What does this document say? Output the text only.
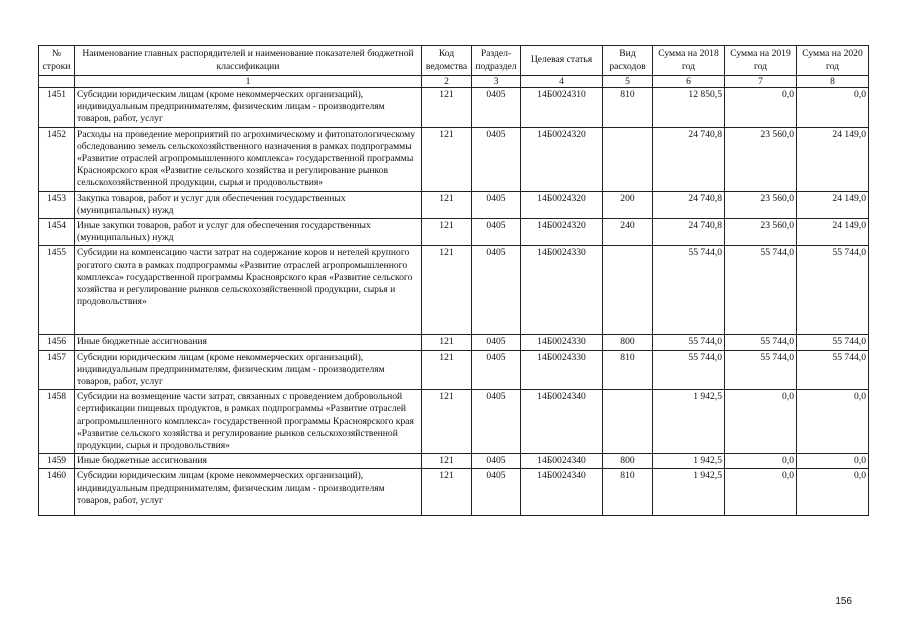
№ строки	Наименование главных распорядителей и наименование показателей бюджетной классификации	Код ведомства	Раздел-подраздел	Целевая статья	Вид расходов	Сумма на 2018 год	Сумма на 2019 год	Сумма на 2020 год
	1	2	3	4	5	6	7	8
1451	Субсидии юридическим лицам (кроме некоммерческих организаций), индивидуальным предпринимателям, физическим лицам - производителям товаров, работ, услуг	121	0405	14Б0024310	810	12 850,5	0,0	0,0
1452	Расходы на проведение мероприятий по агрохимическому и фитопатологическому обследованию земель сельскохозяйственного назначения в рамках подпрограммы «Развитие отраслей агропромышленного комплекса» государственной программы Красноярского края «Развитие сельского хозяйства и регулирование рынков сельскохозяйственной продукции, сырья и продовольствия»	121	0405	14Б0024320		24 740,8	23 560,0	24 149,0
1453	Закупка товаров, работ и услуг для обеспечения государственных (муниципальных) нужд	121	0405	14Б0024320	200	24 740,8	23 560,0	24 149,0
1454	Иные закупки товаров, работ и услуг для обеспечения государственных (муниципальных) нужд	121	0405	14Б0024320	240	24 740,8	23 560,0	24 149,0
1455	Субсидии на компенсацию части затрат на содержание коров и нетелей крупного рогатого скота в рамках подпрограммы «Развитие отраслей агропромышленного комплекса» государственной программы Красноярского края «Развитие сельского хозяйства и регулирование рынков сельскохозяйственной продукции, сырья и продовольствия»	121	0405	14Б0024330		55 744,0	55 744,0	55 744,0
1456	Иные бюджетные ассигнования	121	0405	14Б0024330	800	55 744,0	55 744,0	55 744,0
1457	Субсидии юридическим лицам (кроме некоммерческих организаций), индивидуальным предпринимателям, физическим лицам - производителям товаров, работ, услуг	121	0405	14Б0024330	810	55 744,0	55 744,0	55 744,0
1458	Субсидии на возмещение части затрат, связанных с проведением добровольной сертификации пищевых продуктов, в рамках подпрограммы «Развитие отраслей агропромышленного комплекса» государственной программы Красноярского края «Развитие сельского хозяйства и регулирование рынков сельскохозяйственной продукции, сырья и продовольствия»	121	0405	14Б0024340		1 942,5	0,0	0,0
1459	Иные бюджетные ассигнования	121	0405	14Б0024340	800	1 942,5	0,0	0,0
1460	Субсидии юридическим лицам (кроме некоммерческих организаций), индивидуальным предпринимателям, физическим лицам - производителям товаров, работ, услуг	121	0405	14Б0024340	810	1 942,5	0,0	0,0
156
